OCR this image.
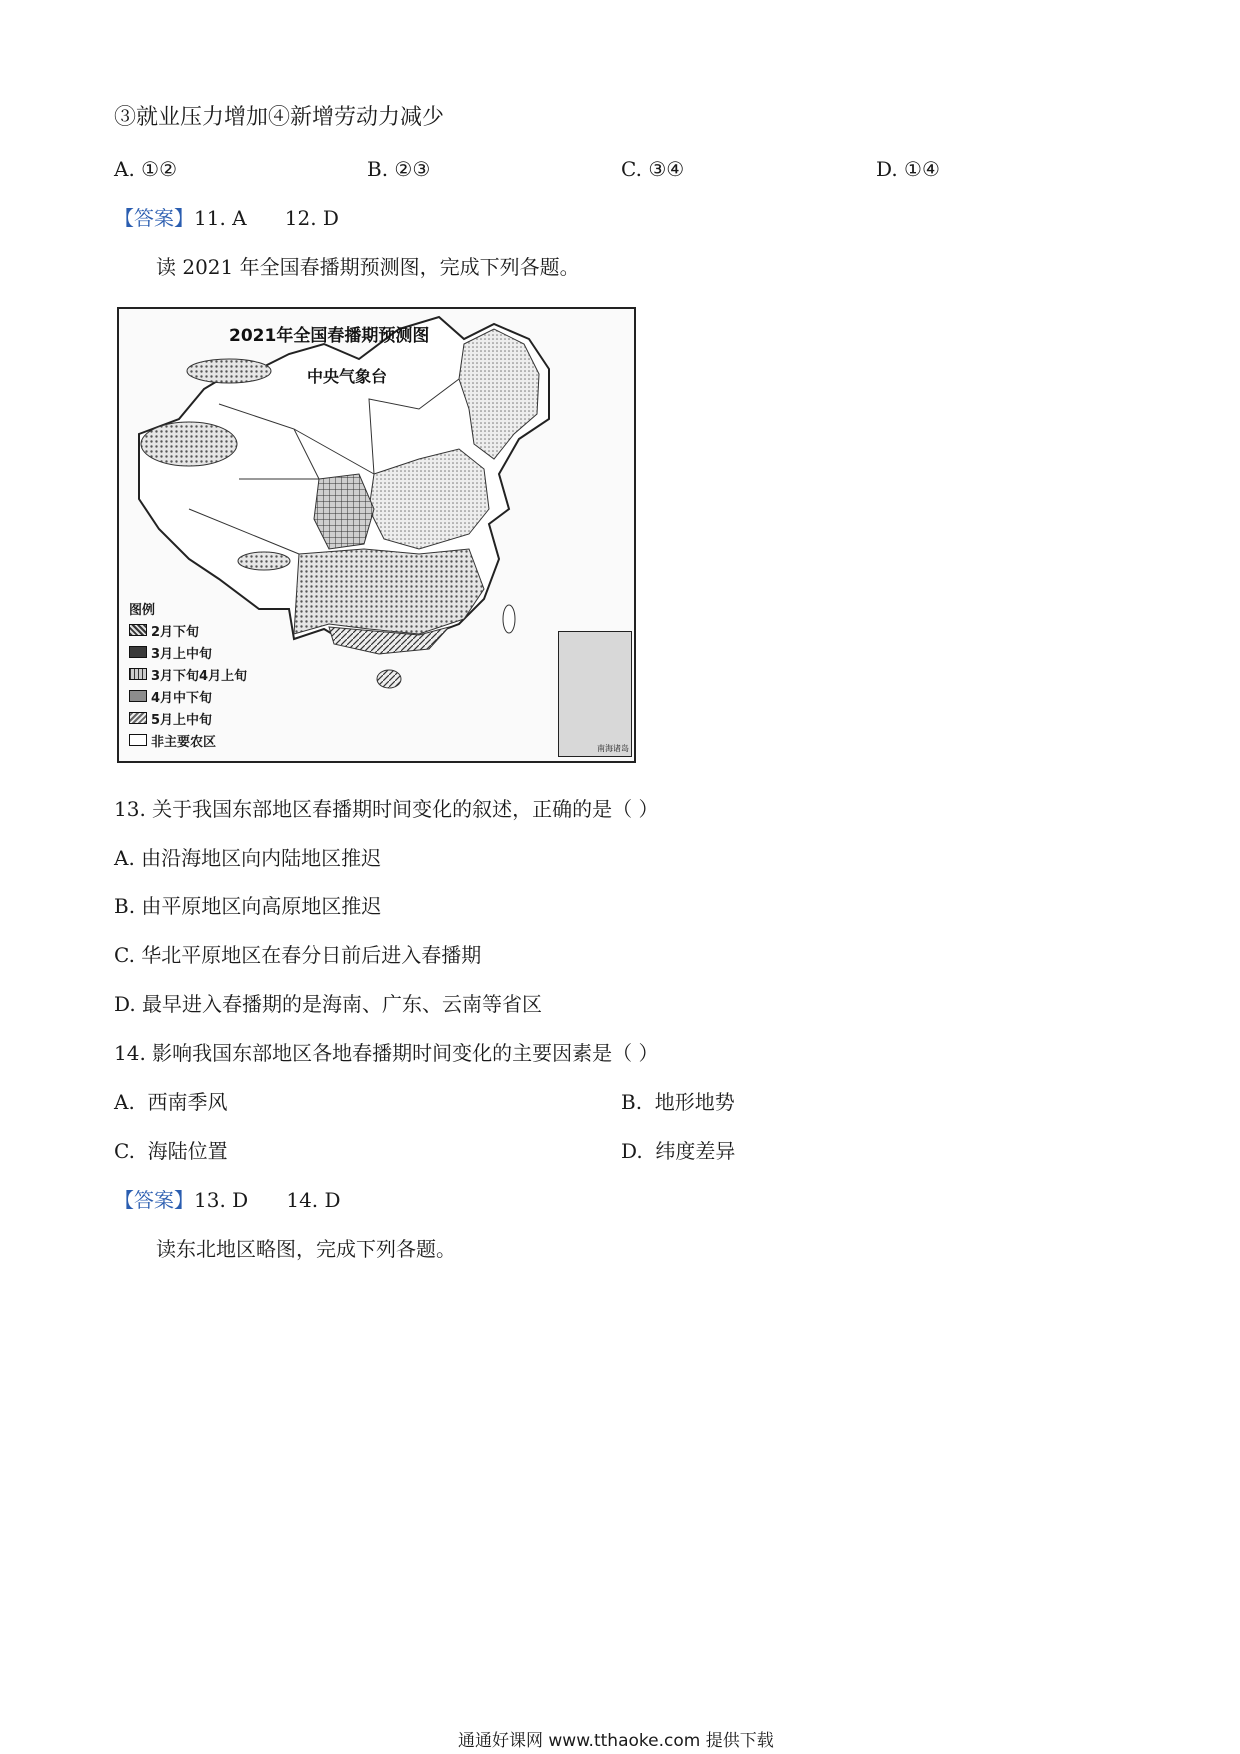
③就业压力增加④新增劳动力减少
A. ①②	B. ②③	C. ③④	D. ①④
【答案】11. A      12. D
读 2021 年全国春播期预测图，完成下列各题。
2021年全国春播期预测图
中央气象台
图例
2月下旬
3月上中旬
3月下旬4月上旬
4月中下旬
5月上中旬
非主要农区	南海诸岛
13. 关于我国东部地区春播期时间变化的叙述，正确的是（ ）
A. 由沿海地区向内陆地区推迟
B. 由平原地区向高原地区推迟
C. 华北平原地区在春分日前后进入春播期
D. 最早进入春播期的是海南、广东、云南等省区
14. 影响我国东部地区各地春播期时间变化的主要因素是（ ）
A. 西南季风	B. 地形地势
C. 海陆位置	D. 纬度差异
【答案】13. D      14. D
读东北地区略图，完成下列各题。
通通好课网 www.tthaoke.com 提供下载
